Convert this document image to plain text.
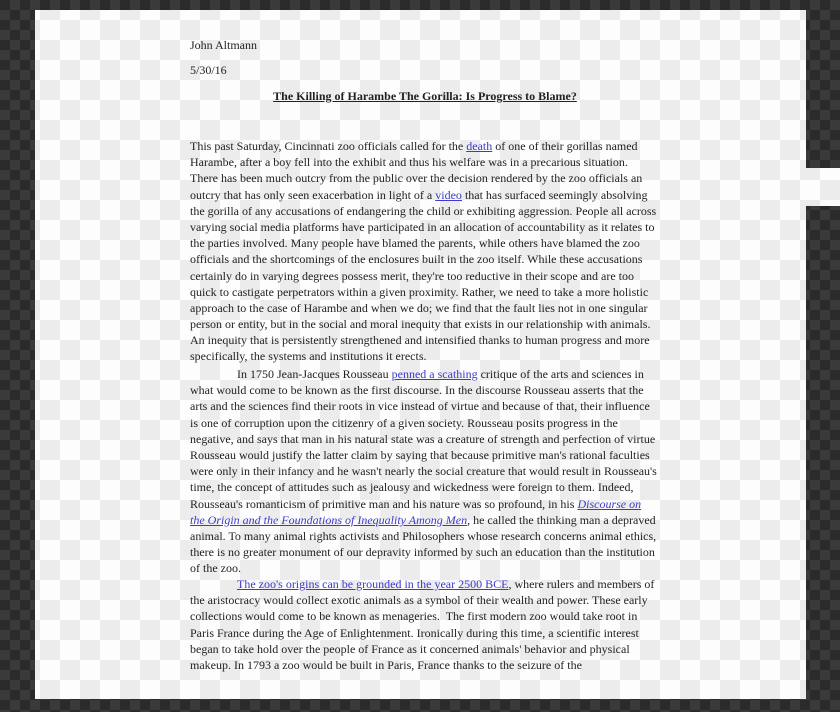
John Altmann
5/30/16
The Killing of Harambe The Gorilla: Is Progress to Blame?
This past Saturday, Cincinnati zoo officials called for the death of one of their gorillas named
Harambe, after a boy fell into the exhibit and thus his welfare was in a precarious situation.
There has been much outcry from the public over the decision rendered by the zoo officials an
outcry that has only seen exacerbation in light of a video that has surfaced seemingly absolving
the gorilla of any accusations of endangering the child or exhibiting aggression. People all across
varying social media platforms have participated in an allocation of accountability as it relates to
the parties involved. Many people have blamed the parents, while others have blamed the zoo
officials and the shortcomings of the enclosures built in the zoo itself. While these accusations
certainly do in varying degrees possess merit, they're too reductive in their scope and are too
quick to castigate perpetrators within a given proximity. Rather, we need to take a more holistic
approach to the case of Harambe and when we do; we find that the fault lies not in one singular
person or entity, but in the social and moral inequity that exists in our relationship with animals.
An inequity that is persistently strengthened and intensified thanks to human progress and more
specifically, the systems and institutions it erects.
In 1750 Jean-Jacques Rousseau penned a scathing critique of the arts and sciences in
what would come to be known as the first discourse. In the discourse Rousseau asserts that the
arts and the sciences find their roots in vice instead of virtue and because of that, their influence
is one of corruption upon the citizenry of a given society. Rousseau posits progress in the
negative, and says that man in his natural state was a creature of strength and perfection of virtue
Rousseau would justify the latter claim by saying that because primitive man's rational faculties
were only in their infancy and he wasn't nearly the social creature that would result in Rousseau's
time, the concept of attitudes such as jealousy and wickedness were foreign to them. Indeed,
Rousseau's romanticism of primitive man and his nature was so profound, in his Discourse on
the Origin and the Foundations of Inequality Among Men, he called the thinking man a depraved
animal. To many animal rights activists and Philosophers whose research concerns animal ethics,
there is no greater monument of our depravity informed by such an education than the institution
of the zoo.
The zoo's origins can be grounded in the year 2500 BCE, where rulers and members of
the aristocracy would collect exotic animals as a symbol of their wealth and power. These early
collections would come to be known as menageries.  The first modern zoo would take root in
Paris France during the Age of Enlightenment. Ironically during this time, a scientific interest
began to take hold over the people of France as it concerned animals' behavior and physical
makeup. In 1793 a zoo would be built in Paris, France thanks to the seizure of the
